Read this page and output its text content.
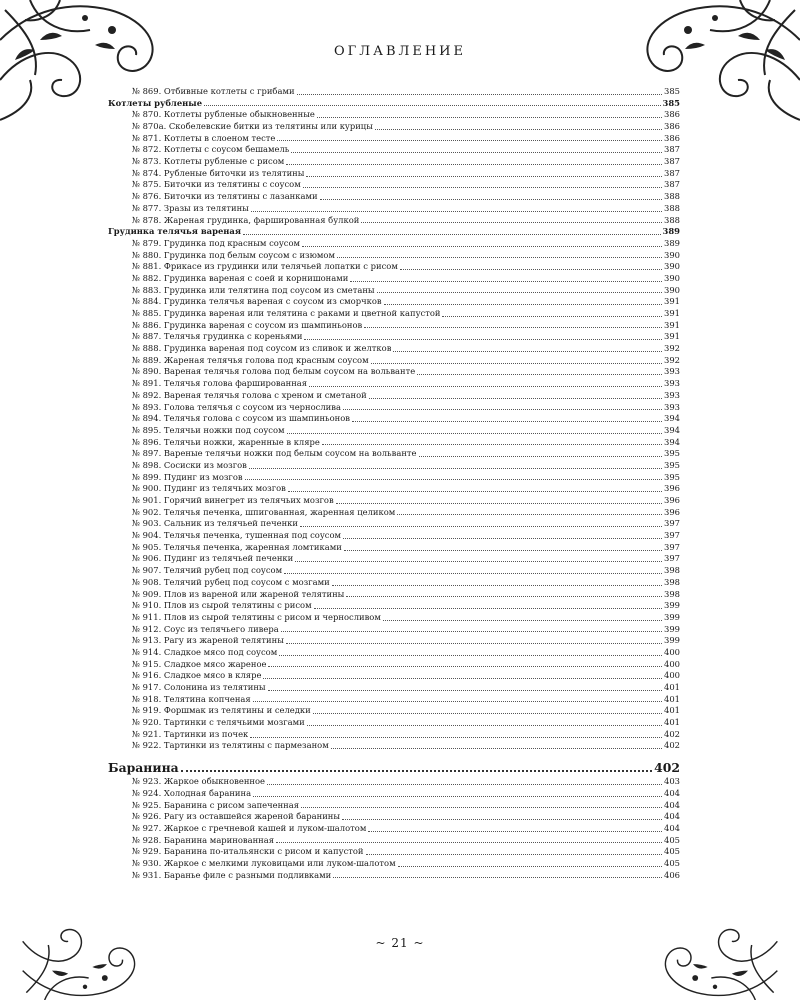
ОГЛАВЛЕНИЕ
№ 869. Отбивные котлеты с грибами	385
Котлеты рубленые	385
№ 870. Котлеты рубленые обыкновенные	386
№ 870а. Скобелевские битки из телятины или курицы	386
№ 871. Котлеты в слоеном тесте	386
№ 872. Котлеты с соусом бешамель	387
№ 873. Котлеты рубленые с рисом	387
№ 874. Рубленые биточки из телятины	387
№ 875. Биточки из телятины с соусом	387
№ 876. Биточки из телятины с лазанками	388
№ 877. Зразы из телятины	388
№ 878. Жареная грудинка, фаршированная булкой	388
Грудинка телячья вареная	389
№ 879. Грудинка под красным соусом	389
№ 880. Грудинка под белым соусом с изюмом	390
№ 881. Фрикасе из грудинки или телячьей лопатки с рисом	390
№ 882. Грудинка вареная с соей и корнишонами	390
№ 883. Грудинка или телятина под соусом из сметаны	390
№ 884. Грудинка телячья вареная с соусом из сморчков	391
№ 885. Грудинка вареная или телятина с раками и цветной капустой	391
№ 886. Грудинка вареная с соусом из шампиньонов	391
№ 887. Телячья грудинка с кореньями	391
№ 888. Грудинка вареная под соусом из сливок и желтков	392
№ 889. Жареная телячья голова под красным соусом	392
№ 890. Вареная телячья голова под белым соусом на вольванте	393
№ 891. Телячья голова фаршированная	393
№ 892. Вареная телячья голова с хреном и сметаной	393
№ 893. Голова телячья с соусом из чернослива	393
№ 894. Телячья голова с соусом из шампиньонов	394
№ 895. Телячьи ножки под соусом	394
№ 896. Телячьи ножки, жаренные в кляре	394
№ 897. Вареные телячьи ножки под белым соусом на вольванте	395
№ 898. Сосиски из мозгов	395
№ 899. Пудинг из мозгов	395
№ 900. Пудинг из телячьих мозгов	396
№ 901. Горячий винегрет из телячьих мозгов	396
№ 902. Телячья печенка, шпигованная, жаренная целиком	396
№ 903. Сальник из телячьей печенки	397
№ 904. Телячья печенка, тушенная под соусом	397
№ 905. Телячья печенка, жаренная ломтиками	397
№ 906. Пудинг из телячьей печенки	397
№ 907. Телячий рубец под соусом	398
№ 908. Телячий рубец под соусом с мозгами	398
№ 909. Плов из вареной или жареной телятины	398
№ 910. Плов из сырой телятины с рисом	399
№ 911. Плов из сырой телятины с рисом и черносливом	399
№ 912. Соус из телячьего ливера	399
№ 913. Рагу из жареной телятины	399
№ 914. Сладкое мясо под соусом	400
№ 915. Сладкое мясо жареное	400
№ 916. Сладкое мясо в кляре	400
№ 917. Солонина из телятины	401
№ 918. Телятина копченая	401
№ 919. Форшмак из телятины и селедки	401
№ 920. Тартинки с телячьими мозгами	401
№ 921. Тартинки из почек	402
№ 922. Тартинки из телятины с пармезаном	402
Баранина	402
№ 923. Жаркое обыкновенное	403
№ 924. Холодная баранина	404
№ 925. Баранина с рисом запеченная	404
№ 926. Рагу из оставшейся жареной баранины	404
№ 927. Жаркое с гречневой кашей и луком-шалотом	404
№ 928. Баранина маринованная	405
№ 929. Баранина по-итальянски с рисом и капустой	405
№ 930. Жаркое с мелкими луковицами или луком-шалотом	405
№ 931. Баранье филе с разными подливками	406
~ 21 ~
